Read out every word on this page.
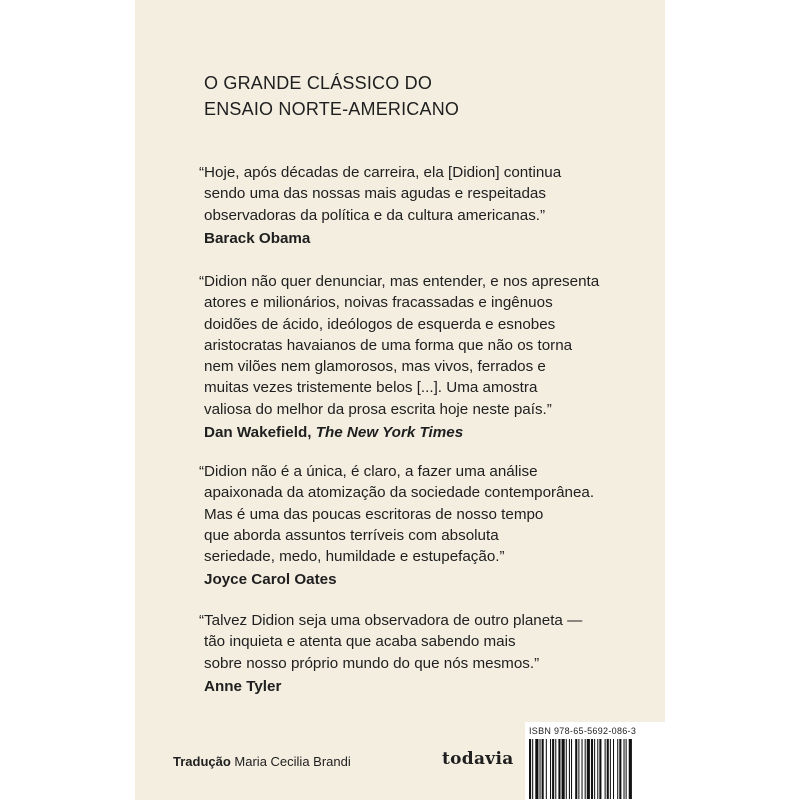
O GRANDE CLÁSSICO DO
ENSAIO NORTE-AMERICANO
“Hoje, após décadas de carreira, ela [Didion] continua
sendo uma das nossas mais agudas e respeitadas
observadoras da política e da cultura americanas.”
Barack Obama
“Didion não quer denunciar, mas entender, e nos apresenta
atores e milionários, noivas fracassadas e ingênuos
doidões de ácido, ideólogos de esquerda e esnobes
aristocratas havaianos de uma forma que não os torna
nem vilões nem glamorosos, mas vivos, ferrados e
muitas vezes tristemente belos [...]. Uma amostra
valiosa do melhor da prosa escrita hoje neste país.”
Dan Wakefield, The New York Times
“Didion não é a única, é claro, a fazer uma análise
apaixonada da atomização da sociedade contemporânea.
Mas é uma das poucas escritoras de nosso tempo
que aborda assuntos terríveis com absoluta
seriedade, medo, humildade e estupefação.”
Joyce Carol Oates
“Talvez Didion seja uma observadora de outro planeta —
tão inquieta e atenta que acaba sabendo mais
sobre nosso próprio mundo do que nós mesmos.”
Anne Tyler
Tradução Maria Cecilia Brandi	todavia
ISBN 978-65-5692-086-3
